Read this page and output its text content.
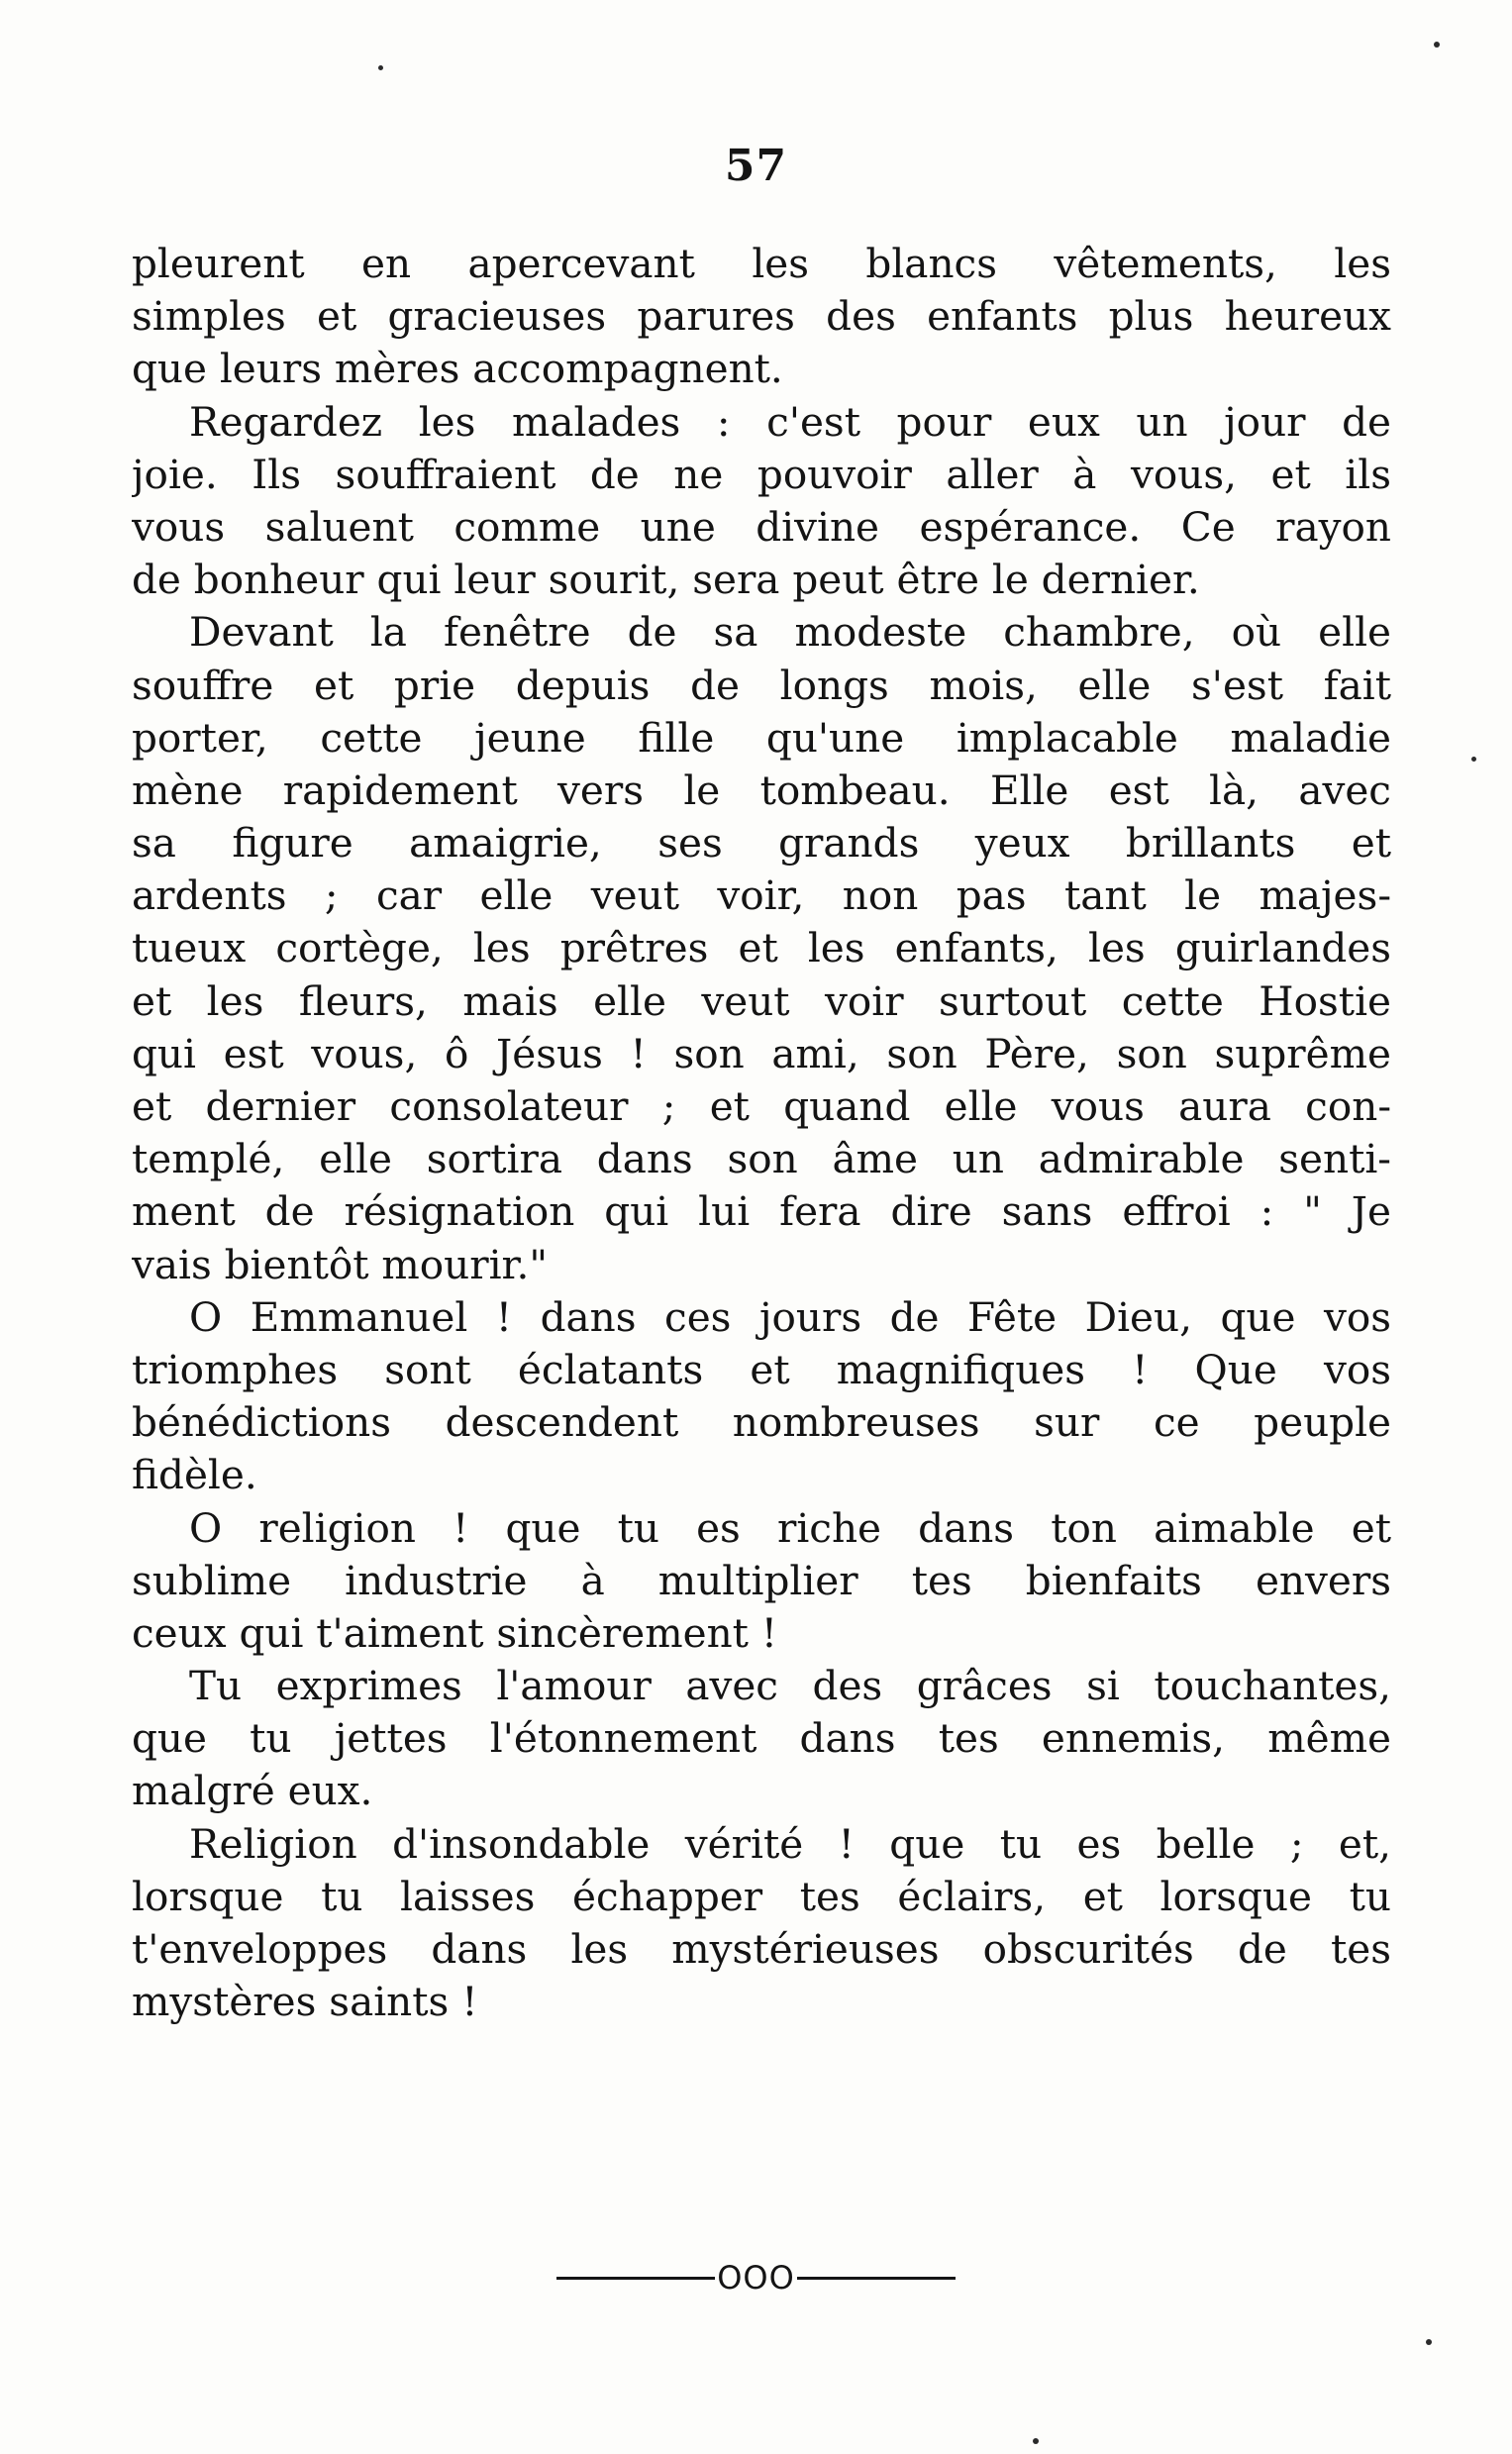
57
pleurent en apercevant les blancs vêtements, les
simples et gracieuses parures des enfants plus heureux
que leurs mères accompagnent.
Regardez les malades : c'est pour eux un jour de
joie. Ils souffraient de ne pouvoir aller à vous, et ils
vous saluent comme une divine espérance. Ce rayon
de bonheur qui leur sourit, sera peut être le dernier.
Devant la fenêtre de sa modeste chambre, où elle
souffre et prie depuis de longs mois, elle s'est fait
porter, cette jeune fille qu'une implacable maladie
mène rapidement vers le tombeau. Elle est là, avec
sa figure amaigrie, ses grands yeux brillants et
ardents ; car elle veut voir, non pas tant le majes-
tueux cortège, les prêtres et les enfants, les guirlandes
et les fleurs, mais elle veut voir surtout cette Hostie
qui est vous, ô Jésus ! son ami, son Père, son suprême
et dernier consolateur ; et quand elle vous aura con-
templé, elle sortira dans son âme un admirable senti-
ment de résignation qui lui fera dire sans effroi : " Je
vais bientôt mourir."
O Emmanuel ! dans ces jours de Fête Dieu, que vos
triomphes sont éclatants et magnifiques ! Que vos
bénédictions descendent nombreuses sur ce peuple
fidèle.
O religion ! que tu es riche dans ton aimable et
sublime industrie à multiplier tes bienfaits envers
ceux qui t'aiment sincèrement !
Tu exprimes l'amour avec des grâces si touchantes,
que tu jettes l'étonnement dans tes ennemis, même
malgré eux.
Religion d'insondable vérité ! que tu es belle ; et,
lorsque tu laisses échapper tes éclairs, et lorsque tu
t'enveloppes dans les mystérieuses obscurités de tes
mystères saints !
OOO
